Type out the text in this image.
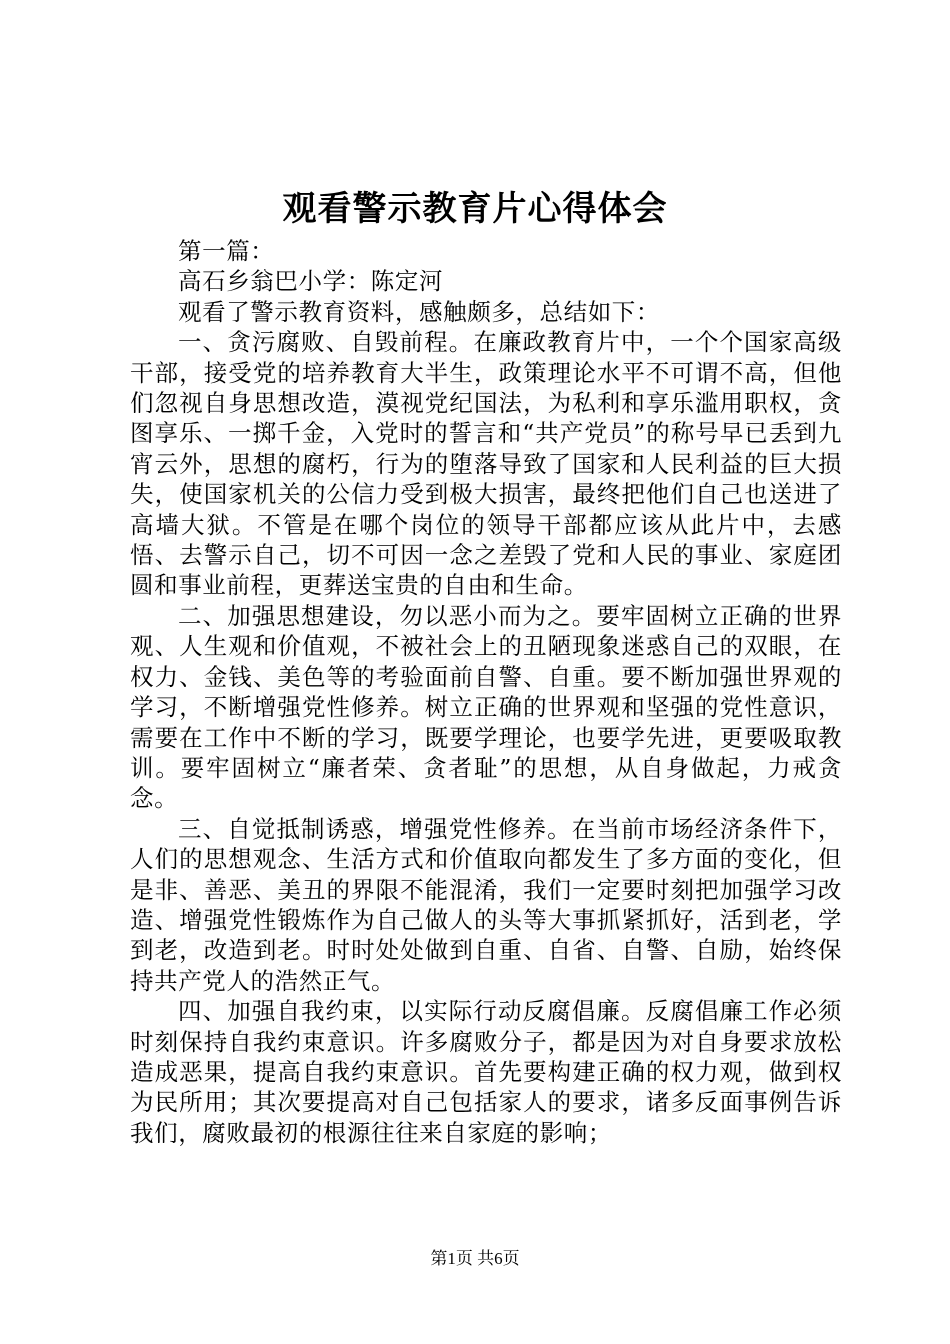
观看警示教育片心得体会

第一篇：

高石乡翁巴小学：陈定河

观看了警示教育资料，感触颇多，总结如下：

一、贪污腐败、自毁前程。在廉政教育片中，一个个国家高级干部，接受党的培养教育大半生，政策理论水平不可谓不高，但他们忽视自身思想改造，漠视党纪国法，为私利和享乐滥用职权，贪图享乐、一掷千金，入党时的誓言和“共产党员”的称号早已丢到九宵云外，思想的腐朽，行为的堕落导致了国家和人民利益的巨大损失，使国家机关的公信力受到极大损害，最终把他们自己也送进了高墙大狱。不管是在哪个岗位的领导干部都应该从此片中，去感悟、去警示自己，切不可因一念之差毁了党和人民的事业、家庭团圆和事业前程，更葬送宝贵的自由和生命。

二、加强思想建设，勿以恶小而为之。要牢固树立正确的世界观、人生观和价值观，不被社会上的丑陋现象迷惑自己的双眼，在权力、金钱、美色等的考验面前自警、自重。要不断加强世界观的学习，不断增强党性修养。树立正确的世界观和坚强的党性意识，需要在工作中不断的学习，既要学理论，也要学先进，更要吸取教训。要牢固树立“廉者荣、贪者耻”的思想，从自身做起，力戒贪念。

三、自觉抵制诱惑，增强党性修养。在当前市场经济条件下，人们的思想观念、生活方式和价值取向都发生了多方面的变化，但是非、善恶、美丑的界限不能混淆，我们一定要时刻把加强学习改造、增强党性锻炼作为自己做人的头等大事抓紧抓好，活到老，学到老，改造到老。时时处处做到自重、自省、自警、自励，始终保持共产党人的浩然正气。

四、加强自我约束，以实际行动反腐倡廉。反腐倡廉工作必须时刻保持自我约束意识。许多腐败分子，都是因为对自身要求放松造成恶果，提高自我约束意识。首先要构建正确的权力观，做到权为民所用；其次要提高对自己包括家人的要求，诸多反面事例告诉我们，腐败最初的根源往往来自家庭的影响；

第1页 共6页
